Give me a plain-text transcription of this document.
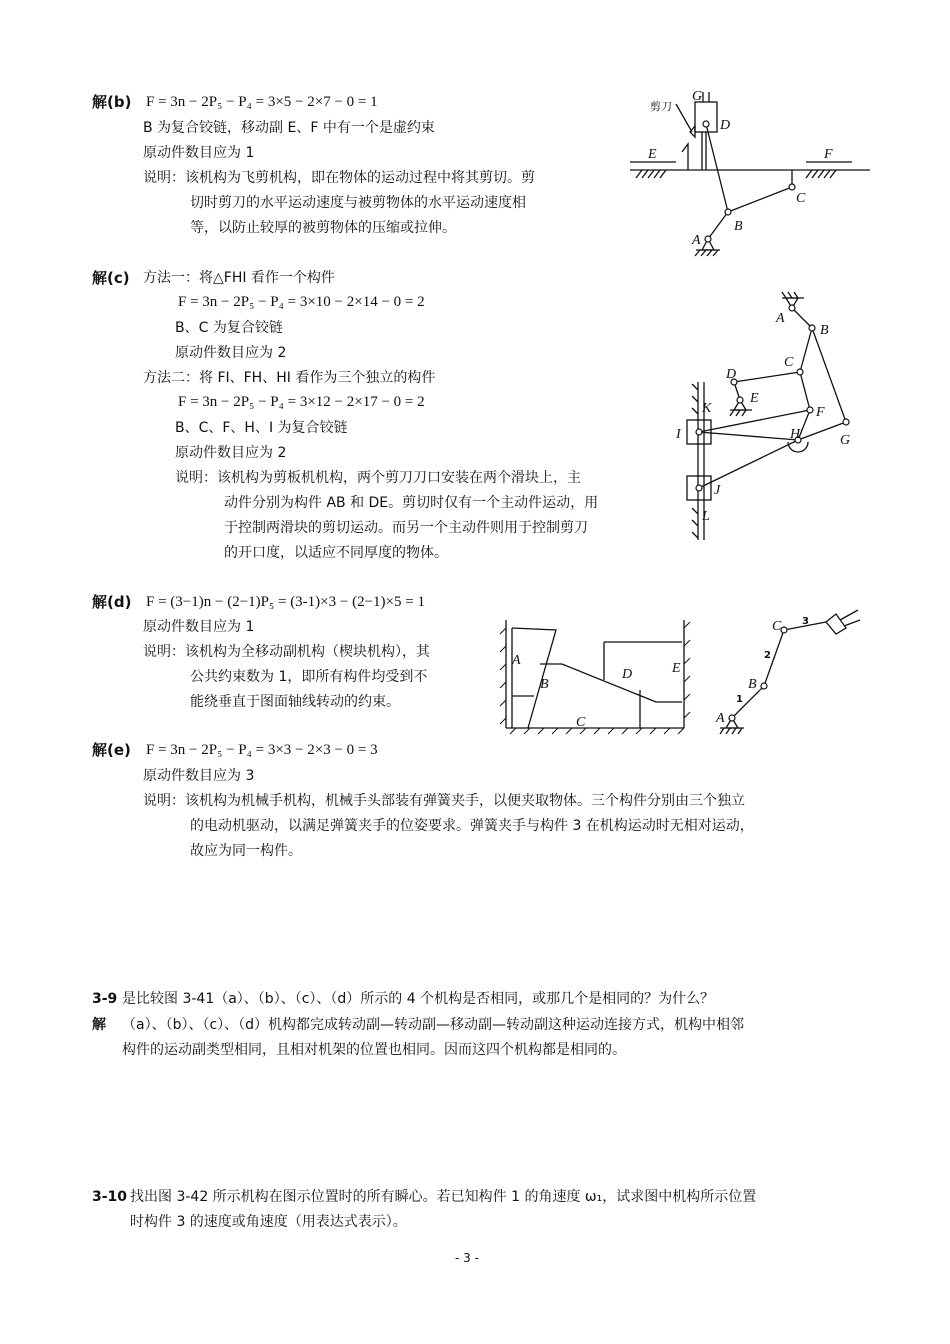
解(b) F = 3n − 2P₅ − P₄ = 3×5 − 2×7 − 0 = 1
B 为复合铰链，移动副 E、F 中有一个是虚约束
原动件数目应为 1
说明：该机构为飞剪机构，即在物体的运动过程中将其剪切。剪
切时剪刀的水平运动速度与被剪物体的水平运动速度相
等，以防止较厚的被剪物体的压缩或拉伸。
剪刀
G
D
E	F
C
B
A
解(c) 方法一：将△FHI 看作一个构件
F = 3n − 2P₅ − P₄ = 3×10 − 2×14 − 0 = 2
B、C 为复合铰链
原动件数目应为 2
方法二：将 FI、FH、HI 看作为三个独立的构件
F = 3n − 2P₅ − P₄ = 3×12 − 2×17 − 0 = 2
B、C、F、H、I 为复合铰链
原动件数目应为 2
说明：该机构为剪板机机构，两个剪刀刀口安装在两个滑块上，主
动件分别为构件 AB 和 DE。剪切时仅有一个主动件运动，用
于控制两滑块的剪切运动。而另一个主动件则用于控制剪刀
的开口度，以适应不同厚度的物体。
A
B
C
D
E
F
G
H
I
J
K
L
解(d) F = (3−1)n − (2−1)P₅ = (3-1)×3 − (2−1)×5 = 1
原动件数目应为 1
说明：该机构为全移动副机构（楔块机构），其
公共约束数为 1，即所有构件均受到不
能绕垂直于图面轴线转动的约束。
A
B
C
D	E
A
B
C
1
2
3
解(e) F = 3n − 2P₅ − P₄ = 3×3 − 2×3 − 0 = 3
原动件数目应为 3
说明：该机构为机械手机构，机械手头部装有弹簧夹手，以便夹取物体。三个构件分别由三个独立
的电动机驱动，以满足弹簧夹手的位姿要求。弹簧夹手与构件 3 在机构运动时无相对运动，
故应为同一构件。
3-9 是比较图 3-41（a）、（b）、（c）、（d）所示的 4 个机构是否相同，或那几个是相同的？为什么？
解 （a）、（b）、（c）、（d）机构都完成转动副—转动副—移动副—转动副这种运动连接方式，机构中相邻
构件的运动副类型相同，且相对机架的位置也相同。因而这四个机构都是相同的。
3-10 找出图 3-42 所示机构在图示位置时的所有瞬心。若已知构件 1 的角速度 ω₁，试求图中机构所示位置
时构件 3 的速度或角速度（用表达式表示）。
- 3 -
